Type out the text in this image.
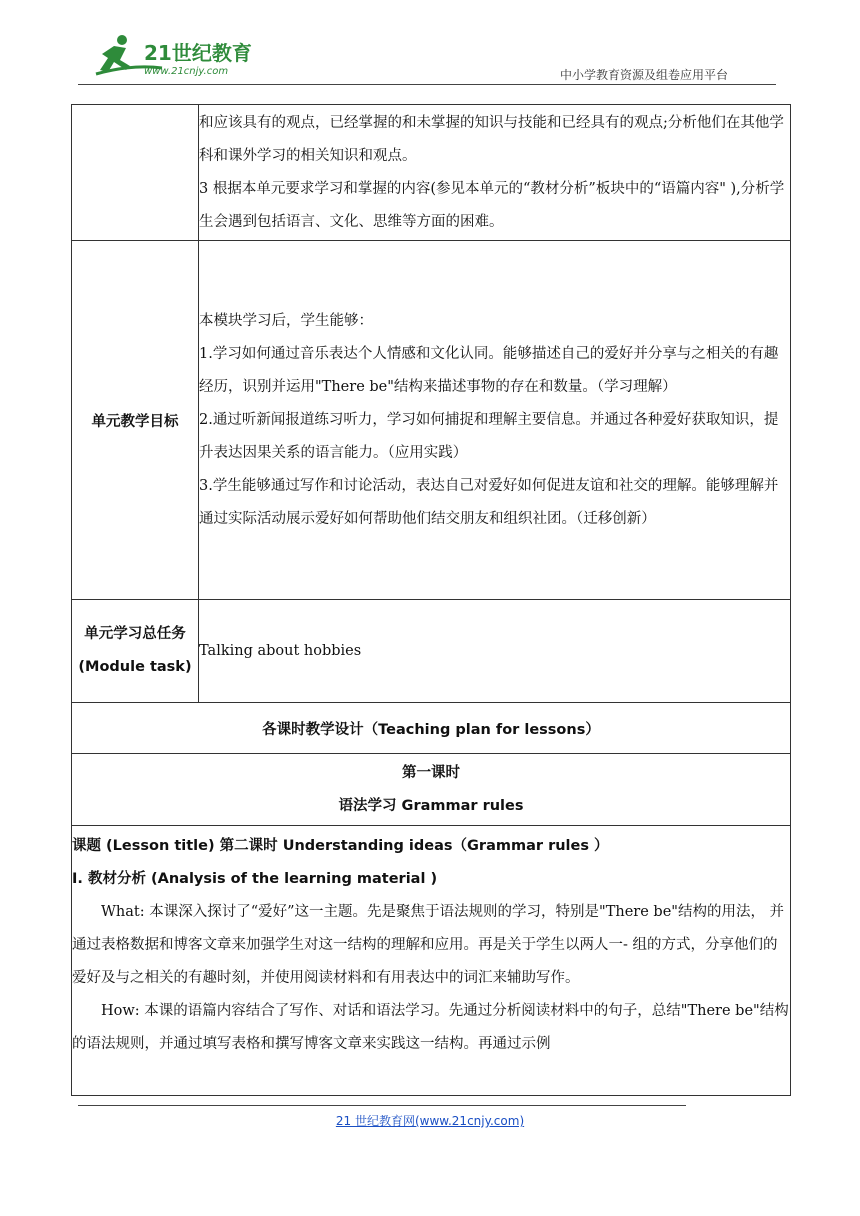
21世纪教育
www.21cnjy.com	中小学教育资源及组卷应用平台

	和应该具有的观点，已经掌握的和未掌握的知识与技能和已经具有的观点;分析他们在其他学科和课外学习的相关知识和观点。

3 根据本单元要求学习和掌握的内容(参见本单元的“教材分析”板块中的“语篇内容" ),分析学生会遇到包括语言、文化、思维等方面的困难。

单元教学目标	本模块学习后，学生能够：

1.学习如何通过音乐表达个人情感和文化认同。能够描述自己的爱好并分享与之相关的有趣经历，识别并运用"There be"结构来描述事物的存在和数量。（学习理解）

2.通过听新闻报道练习听力，学习如何捕捉和理解主要信息。并通过各种爱好获取知识，提升表达因果关系的语言能力。（应用实践）

3.学生能够通过写作和讨论活动，表达自己对爱好如何促进友谊和社交的理解。能够理解并通过实际活动展示爱好如何帮助他们结交朋友和组织社团。（迁移创新）

单元学习总任务(Module task)	Talking about hobbies
各课时教学设计（Teaching plan for lessons）	

第一课时
语法学习 Grammar rules	

课题 (Lesson title) 第二课时 Understanding ideas（Grammar rules ）

I. 教材分析 (Analysis of the learning material )

What: 本课深入探讨了“爱好”这一主题。先是聚焦于语法规则的学习，特别是"There be"结构的用法， 并通过表格数据和博客文章来加强学生对这一结构的理解和应用。再是关于学生以两人一- 组的方式，分享他们的爱好及与之相关的有趣时刻，并使用阅读材料和有用表达中的词汇来辅助写作。

How: 本课的语篇内容结合了写作、对话和语法学习。先通过分析阅读材料中的句子，总结"There be"结构的语法规则，并通过填写表格和撰写博客文章来实践这一结构。再通过示例	

21 世纪教育网(www.21cnjy.com)
